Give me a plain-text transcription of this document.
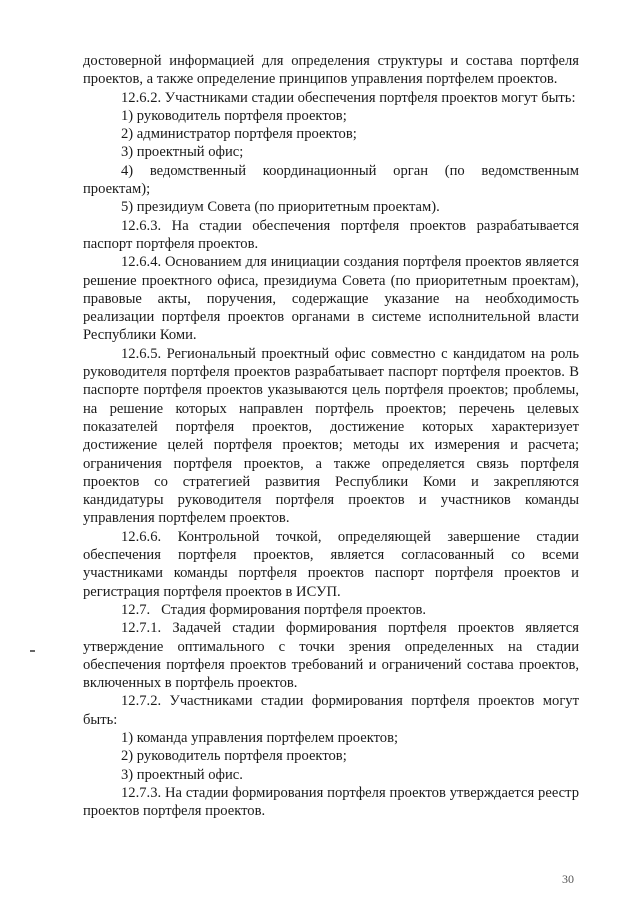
достоверной информацией для определения структуры и состава портфеля проектов, а также определение принципов управления портфелем проектов.

12.6.2. Участниками стадии обеспечения портфеля проектов могут быть:

1) руководитель портфеля проектов;

2) администратор портфеля проектов;

3) проектный офис;

4) ведомственный координационный орган (по ведомственным

проектам);

5) президиум Совета (по приоритетным проектам).

12.6.3. На стадии обеспечения портфеля проектов разрабатывается паспорт портфеля проектов.

12.6.4. Основанием для инициации создания портфеля проектов является решение проектного офиса, президиума Совета (по приоритетным проектам), правовые акты, поручения, содержащие указание на необходимость реализации портфеля проектов органами в системе исполнительной власти Республики Коми.

12.6.5. Региональный проектный офис совместно с кандидатом на роль руководителя портфеля проектов разрабатывает паспорт портфеля проектов. В паспорте портфеля проектов указываются цель портфеля проектов; проблемы, на решение которых направлен портфель проектов; перечень целевых показателей портфеля проектов, достижение которых характеризует достижение целей портфеля проектов; методы их измерения и расчета; ограничения портфеля проектов, а также определяется связь портфеля проектов со стратегией развития Республики Коми и закрепляются кандидатуры руководителя портфеля проектов и участников команды управления портфелем проектов.

12.6.6. Контрольной точкой, определяющей завершение стадии обеспечения портфеля проектов, является согласованный со всеми участниками команды портфеля проектов паспорт портфеля проектов и регистрация портфеля проектов в ИСУП.

12.7.   Стадия формирования портфеля проектов.

12.7.1. Задачей стадии формирования портфеля проектов является утверждение оптимального с точки зрения определенных на стадии обеспечения портфеля проектов требований и ограничений состава проектов, включенных в портфель проектов.

12.7.2. Участниками стадии формирования портфеля проектов могут быть:

1) команда управления портфелем проектов;

2) руководитель портфеля проектов;

3) проектный офис.

12.7.3. На стадии формирования портфеля проектов утверждается реестр проектов портфеля проектов.

30
